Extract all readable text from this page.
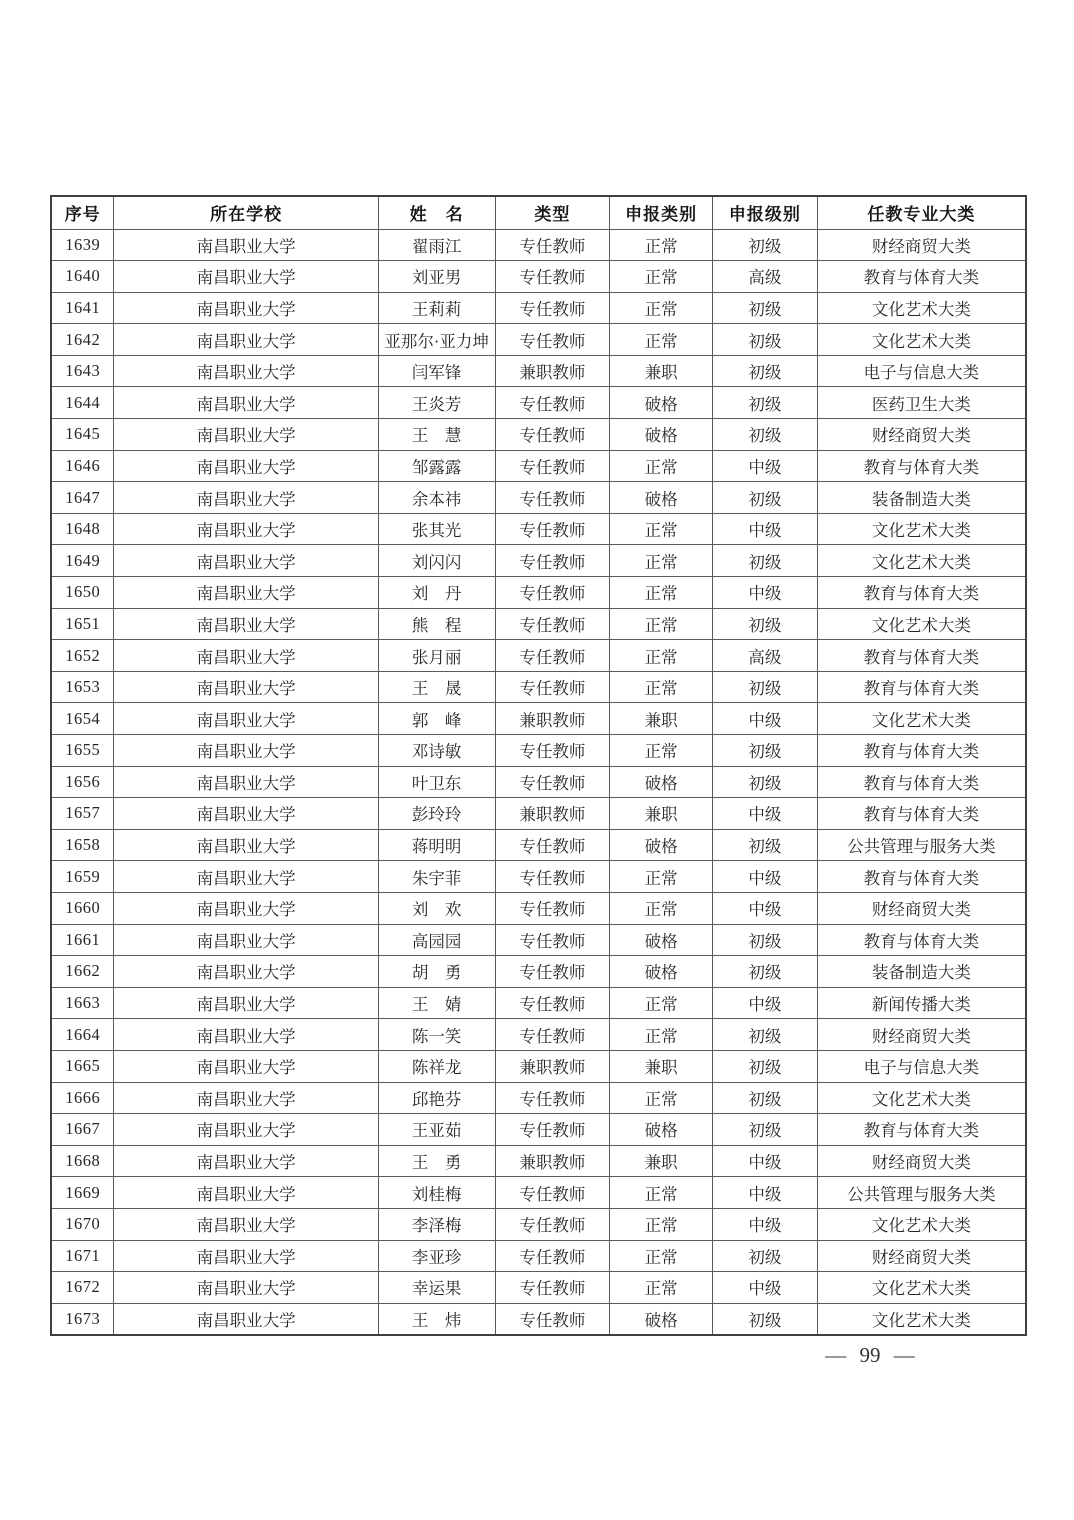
序号	所在学校	姓　名	类型	申报类别	申报级别	任教专业大类
1639	南昌职业大学	翟雨江	专任教师	正常	初级	财经商贸大类
1640	南昌职业大学	刘亚男	专任教师	正常	高级	教育与体育大类
1641	南昌职业大学	王莉莉	专任教师	正常	初级	文化艺术大类
1642	南昌职业大学	亚那尔·亚力坤	专任教师	正常	初级	文化艺术大类
1643	南昌职业大学	闫军锋	兼职教师	兼职	初级	电子与信息大类
1644	南昌职业大学	王炎芳	专任教师	破格	初级	医药卫生大类
1645	南昌职业大学	王　慧	专任教师	破格	初级	财经商贸大类
1646	南昌职业大学	邹露露	专任教师	正常	中级	教育与体育大类
1647	南昌职业大学	余本祎	专任教师	破格	初级	装备制造大类
1648	南昌职业大学	张其光	专任教师	正常	中级	文化艺术大类
1649	南昌职业大学	刘闪闪	专任教师	正常	初级	文化艺术大类
1650	南昌职业大学	刘　丹	专任教师	正常	中级	教育与体育大类
1651	南昌职业大学	熊　程	专任教师	正常	初级	文化艺术大类
1652	南昌职业大学	张月丽	专任教师	正常	高级	教育与体育大类
1653	南昌职业大学	王　晟	专任教师	正常	初级	教育与体育大类
1654	南昌职业大学	郭　峰	兼职教师	兼职	中级	文化艺术大类
1655	南昌职业大学	邓诗敏	专任教师	正常	初级	教育与体育大类
1656	南昌职业大学	叶卫东	专任教师	破格	初级	教育与体育大类
1657	南昌职业大学	彭玲玲	兼职教师	兼职	中级	教育与体育大类
1658	南昌职业大学	蒋明明	专任教师	破格	初级	公共管理与服务大类
1659	南昌职业大学	朱宇菲	专任教师	正常	中级	教育与体育大类
1660	南昌职业大学	刘　欢	专任教师	正常	中级	财经商贸大类
1661	南昌职业大学	高园园	专任教师	破格	初级	教育与体育大类
1662	南昌职业大学	胡　勇	专任教师	破格	初级	装备制造大类
1663	南昌职业大学	王　婧	专任教师	正常	中级	新闻传播大类
1664	南昌职业大学	陈一笑	专任教师	正常	初级	财经商贸大类
1665	南昌职业大学	陈祥龙	兼职教师	兼职	初级	电子与信息大类
1666	南昌职业大学	邱艳芬	专任教师	正常	初级	文化艺术大类
1667	南昌职业大学	王亚茹	专任教师	破格	初级	教育与体育大类
1668	南昌职业大学	王　勇	兼职教师	兼职	中级	财经商贸大类
1669	南昌职业大学	刘桂梅	专任教师	正常	中级	公共管理与服务大类
1670	南昌职业大学	李泽梅	专任教师	正常	中级	文化艺术大类
1671	南昌职业大学	李亚珍	专任教师	正常	初级	财经商贸大类
1672	南昌职业大学	幸运果	专任教师	正常	中级	文化艺术大类
1673	南昌职业大学	王　炜	专任教师	破格	初级	文化艺术大类
— 99 —
